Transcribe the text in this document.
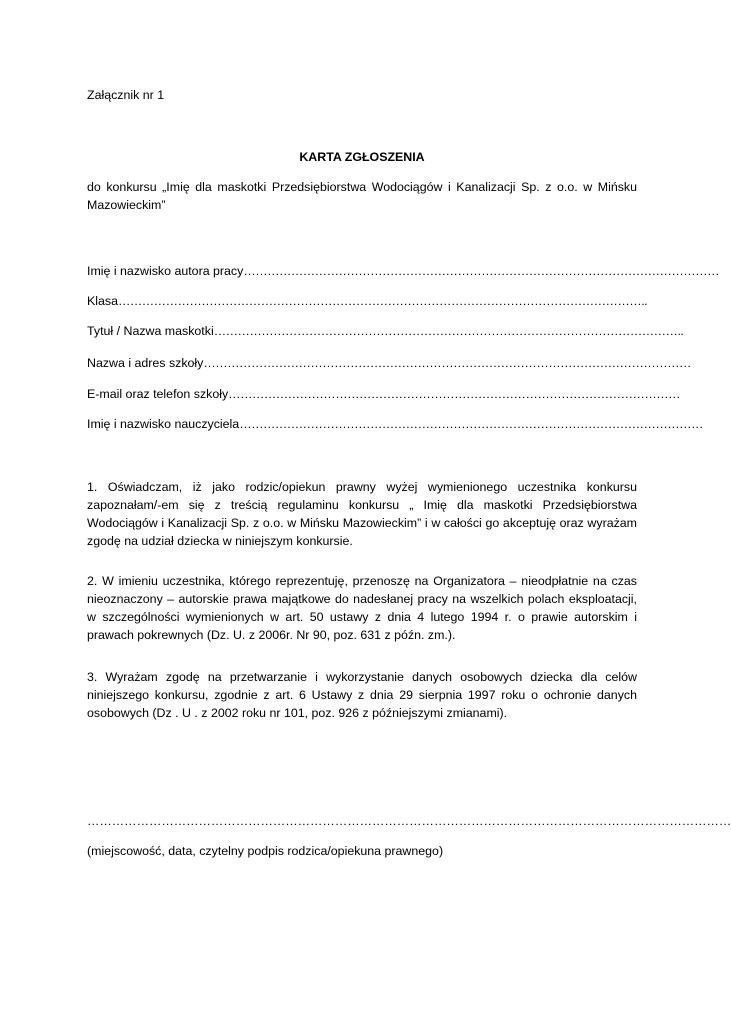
Załącznik nr 1
KARTA ZGŁOSZENIA
do konkursu „Imię dla maskotki Przedsiębiorstwa Wodociągów i Kanalizacji Sp. z o.o. w Mińsku Mazowieckim”
Imię i nazwisko autora pracy…………………………………………………………………………………………………………
Klasa……………………………………………………………………………………………………………………..
Tytuł / Nazwa maskotki………………………………………………………………………………………………………..
Nazwa i adres szkoły……………………………………………………………………………………………………………
E-mail oraz telefon szkoły……………………………………………………………………………………………………
Imię i nazwisko nauczyciela………………………………………………………………………………………………………
1. Oświadczam, iż jako rodzic/opiekun prawny wyżej wymienionego uczestnika konkursu zapoznałam/-em się z treścią regulaminu konkursu „ Imię dla maskotki Przedsiębiorstwa Wodociągów i Kanalizacji Sp. z o.o. w Mińsku Mazowieckim” i w całości go akceptuję oraz wyrażam zgodę na udział dziecka w niniejszym konkursie.
2. W imieniu uczestnika, którego reprezentuję, przenoszę na Organizatora – nieodpłatnie na czas nieoznaczony – autorskie prawa majątkowe do nadesłanej pracy na wszelkich polach eksploatacji, w szczególności wymienionych w art. 50 ustawy z dnia 4 lutego 1994 r. o prawie autorskim i prawach pokrewnych (Dz. U. z 2006r. Nr 90, poz. 631 z późn. zm.).
3. Wyrażam zgodę na przetwarzanie i wykorzystanie danych osobowych dziecka dla celów niniejszego konkursu, zgodnie z art. 6 Ustawy z dnia 29 sierpnia 1997 roku o ochronie danych osobowych (Dz . U . z 2002 roku nr 101, poz. 926 z późniejszymi zmianami).
…………………………………………………………………………………………………………………………………………
(miejscowość, data, czytelny podpis rodzica/opiekuna prawnego)
